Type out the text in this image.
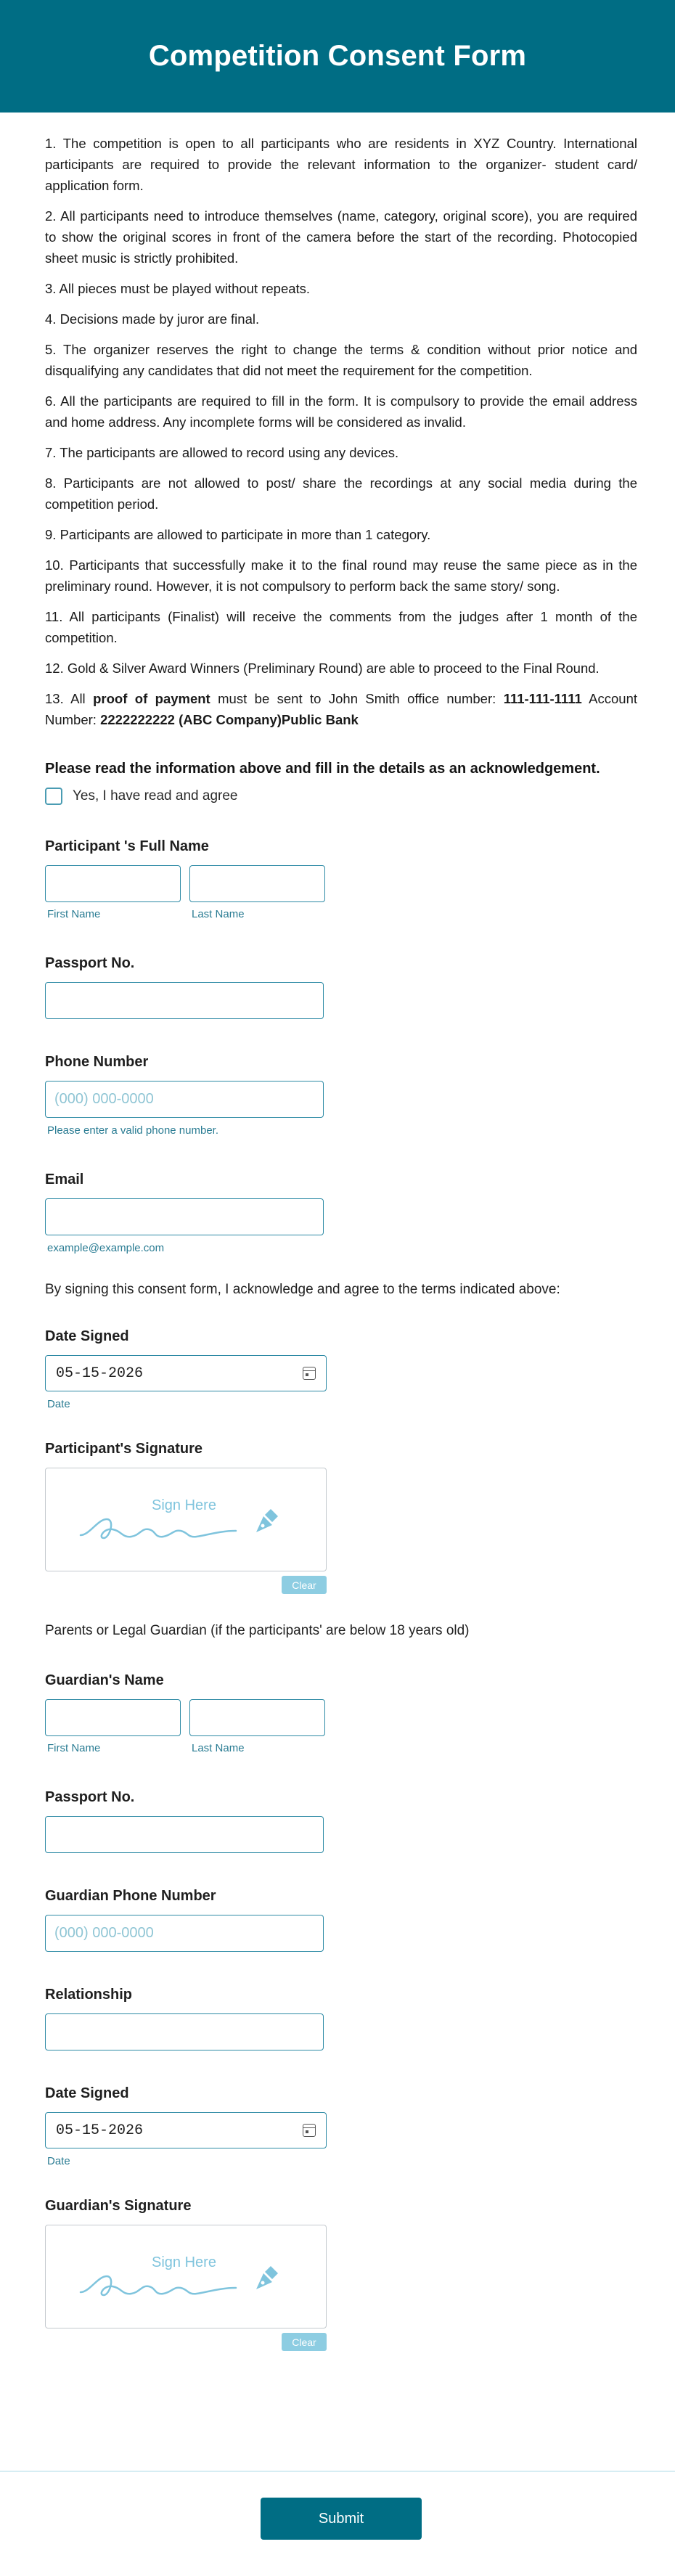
Competition Consent Form

1. The competition is open to all participants who are residents in XYZ Country. International participants are required to provide the relevant information to the organizer- student card/ application form.

2. All participants need to introduce themselves (name, category, original score), you are required to show the original scores in front of the camera before the start of the recording. Photocopied sheet music is strictly prohibited.

3. All pieces must be played without repeats.

4. Decisions made by juror are final.

5. The organizer reserves the right to change the terms & condition without prior notice and disqualifying any candidates that did not meet the requirement for the competition.

6. All the participants are required to fill in the form. It is compulsory to provide the email address and home address. Any incomplete forms will be considered as invalid.

7. The participants are allowed to record using any devices.

8. Participants are not allowed to post/ share the recordings at any social media during the competition period.

9. Participants are allowed to participate in more than 1 category.

10. Participants that successfully make it to the final round may reuse the same piece as in the preliminary round. However, it is not compulsory to perform back the same story/ song.

11. All participants (Finalist) will receive the comments from the judges after 1 month of the competition.

12. Gold & Silver Award Winners (Preliminary Round) are able to proceed to the Final Round.

13. All proof of payment must be sent to John Smith office number: 111-111-1111 Account Number: 2222222222 (ABC Company)Public Bank

Please read the information above and fill in the details as an acknowledgement.
Yes, I have read and agree
Participant 's Full Name
First Name	Last Name
Passport No.
Phone Number
(000) 000-0000
Please enter a valid phone number.
Email
example@example.com
By signing this consent form, I acknowledge and agree to the terms indicated above:
Date Signed
05-15-2026
Date
Participant's Signature
Sign Here
Clear
Parents or Legal Guardian (if the participants' are below 18 years old)
Guardian's Name
First Name	Last Name
Passport No.
Guardian Phone Number
(000) 000-0000
Relationship
Date Signed
05-15-2026
Date
Guardian's Signature
Sign Here
Clear
Submit
